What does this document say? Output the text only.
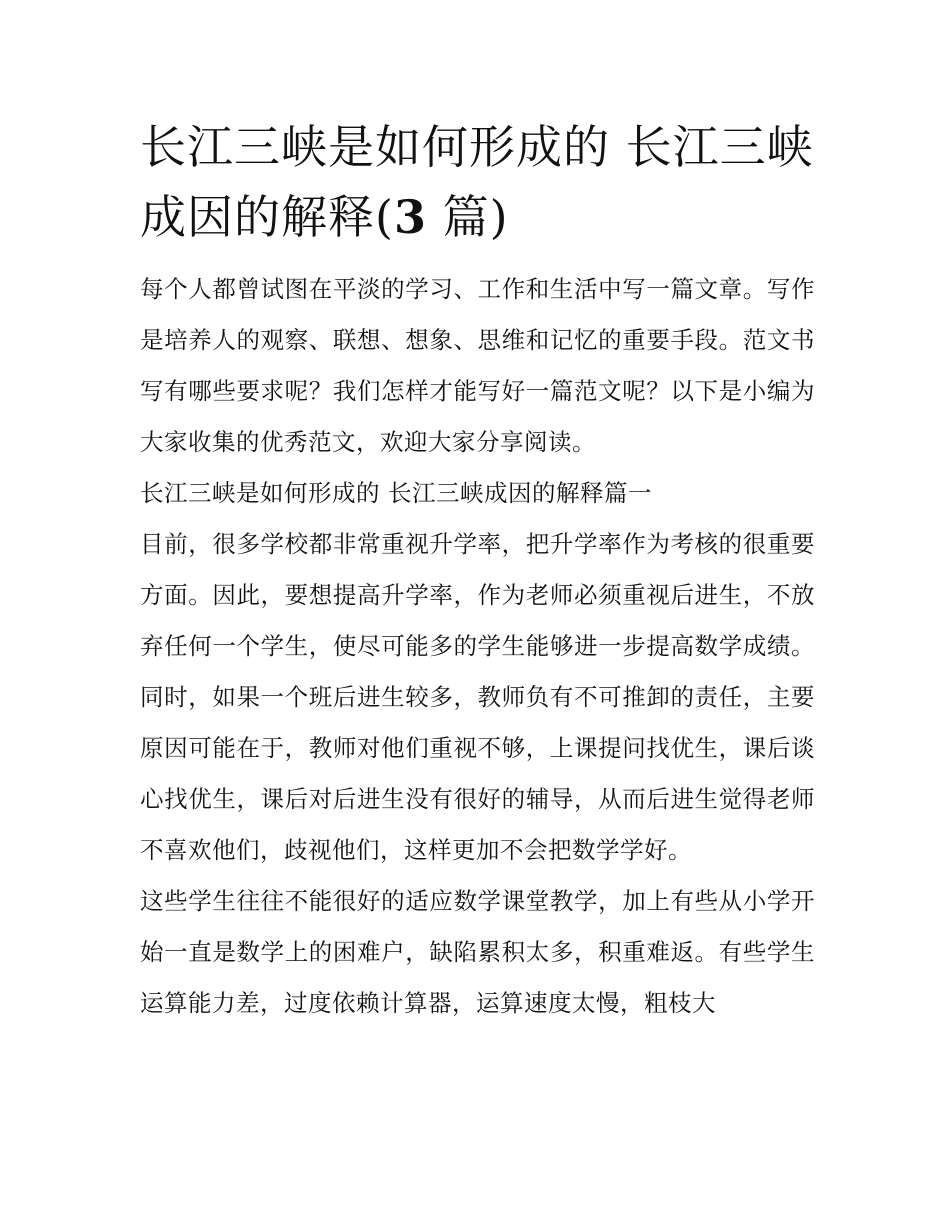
长江三峡是如何形成的 长江三峡成因的解释(3 篇)

每个人都曾试图在平淡的学习、工作和生活中写一篇文章。写作是培养人的观察、联想、想象、思维和记忆的重要手段。范文书写有哪些要求呢？我们怎样才能写好一篇范文呢？以下是小编为大家收集的优秀范文，欢迎大家分享阅读。

长江三峡是如何形成的 长江三峡成因的解释篇一

目前，很多学校都非常重视升学率，把升学率作为考核的很重要方面。因此，要想提高升学率，作为老师必须重视后进生，不放弃任何一个学生，使尽可能多的学生能够进一步提高数学成绩。同时，如果一个班后进生较多，教师负有不可推卸的责任，主要原因可能在于，教师对他们重视不够，上课提问找优生，课后谈心找优生，课后对后进生没有很好的辅导，从而后进生觉得老师不喜欢他们，歧视他们，这样更加不会把数学学好。

这些学生往往不能很好的适应数学课堂教学，加上有些从小学开始一直是数学上的困难户，缺陷累积太多，积重难返。有些学生运算能力差，过度依赖计算器，运算速度太慢，粗枝大
